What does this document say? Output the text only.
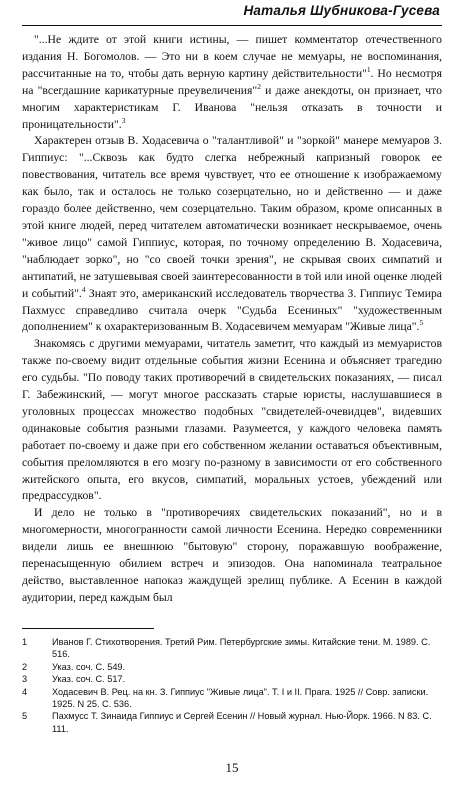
Наталья Шубникова-Гусева

"...Не ждите от этой книги истины, — пишет комментатор отечественного издания Н. Богомолов. — Это ни в коем случае не мемуары, не воспоминания, рассчитанные на то, чтобы дать верную картину действительности"$^1$. Но несмотря на "всегдашние карикатурные преувеличения"$^2$ и даже анекдоты, он признает, что многим характеристикам Г. Иванова "нельзя отказать в точности и проницательности".$^3$

Характерен отзыв В. Ходасевича о "талантливой" и "зоркой" манере мемуаров З. Гиппиус: "...Сквозь как будто слегка небрежный капризный говорок ее повествования, читатель все время чувствует, что ее отношение к изображаемому как было, так и осталось не только созерцательно, но и действенно — и даже гораздо более действенно, чем созерцательно. Таким образом, кроме описанных в этой книге людей, перед читателем автоматически возникает нескрываемое, очень "живое лицо" самой Гиппиус, которая, по точному определению В. Ходасевича, "наблюдает зорко", но "со своей точки зрения", не скрывая своих симпатий и антипатий, не затушевывая своей заинтересованности в той или иной оценке людей и событий".$^4$ Знаят это, американский исследователь творчества З. Гиппиус Темира Пахмусс справедливо считала очерк "Судьба Есениных" "художественным дополнением" к охарактеризованным В. Ходасевичем мемуарам "Живые лица".$^5$

Знакомясь с другими мемуарами, читатель заметит, что каждый из мемуаристов также по-своему видит отдельные события жизни Есенина и объясняет трагедию его судьбы. "По поводу таких противоречий в свидетельских показаниях, — писал Г. Забежинский, — могут многое рассказать старые юристы, наслушавшиеся в уголовных процессах множество подобных "свидетелей-очевидцев", видевших одинаковые события разными глазами. Разумеется, у каждого человека память работает по-своему и даже при его собственном желании оставаться объективным, события преломляются в его мозгу по-разному в зависимости от его собственного житейского опыта, его вкусов, симпатий, моральных устоев, убеждений или предрассудков".

И дело не только в "противоречиях свидетельских показаний", но и в многомерности, многогранности самой личности Есенина. Нередко современники видели лишь ее внешнюю "бытовую" сторону, поражавшую воображение, перенасыщенную обилием встреч и эпизодов. Она напоминала театральное действо, выставленное напоказ жаждущей зрелищ публике. А Есенин в каждой аудитории, перед каждым был

1	Иванов Г. Стихотворения. Третий Рим. Петербургские зимы. Китайские тени. М. 1989. С. 516.
2	Указ. соч. С. 549.
3	Указ. соч. С. 517.
4	Ходасевич В. Рец. на кн. З. Гиппиус "Живые лица". Т. I и II. Прага. 1925 // Совр. записки. 1925. N 25. С. 536.
5	Пахмусс Т. Зинаида Гиппиус и Сергей Есенин // Новый журнал. Нью-Йорк. 1966. N 83. С. 111.
15
